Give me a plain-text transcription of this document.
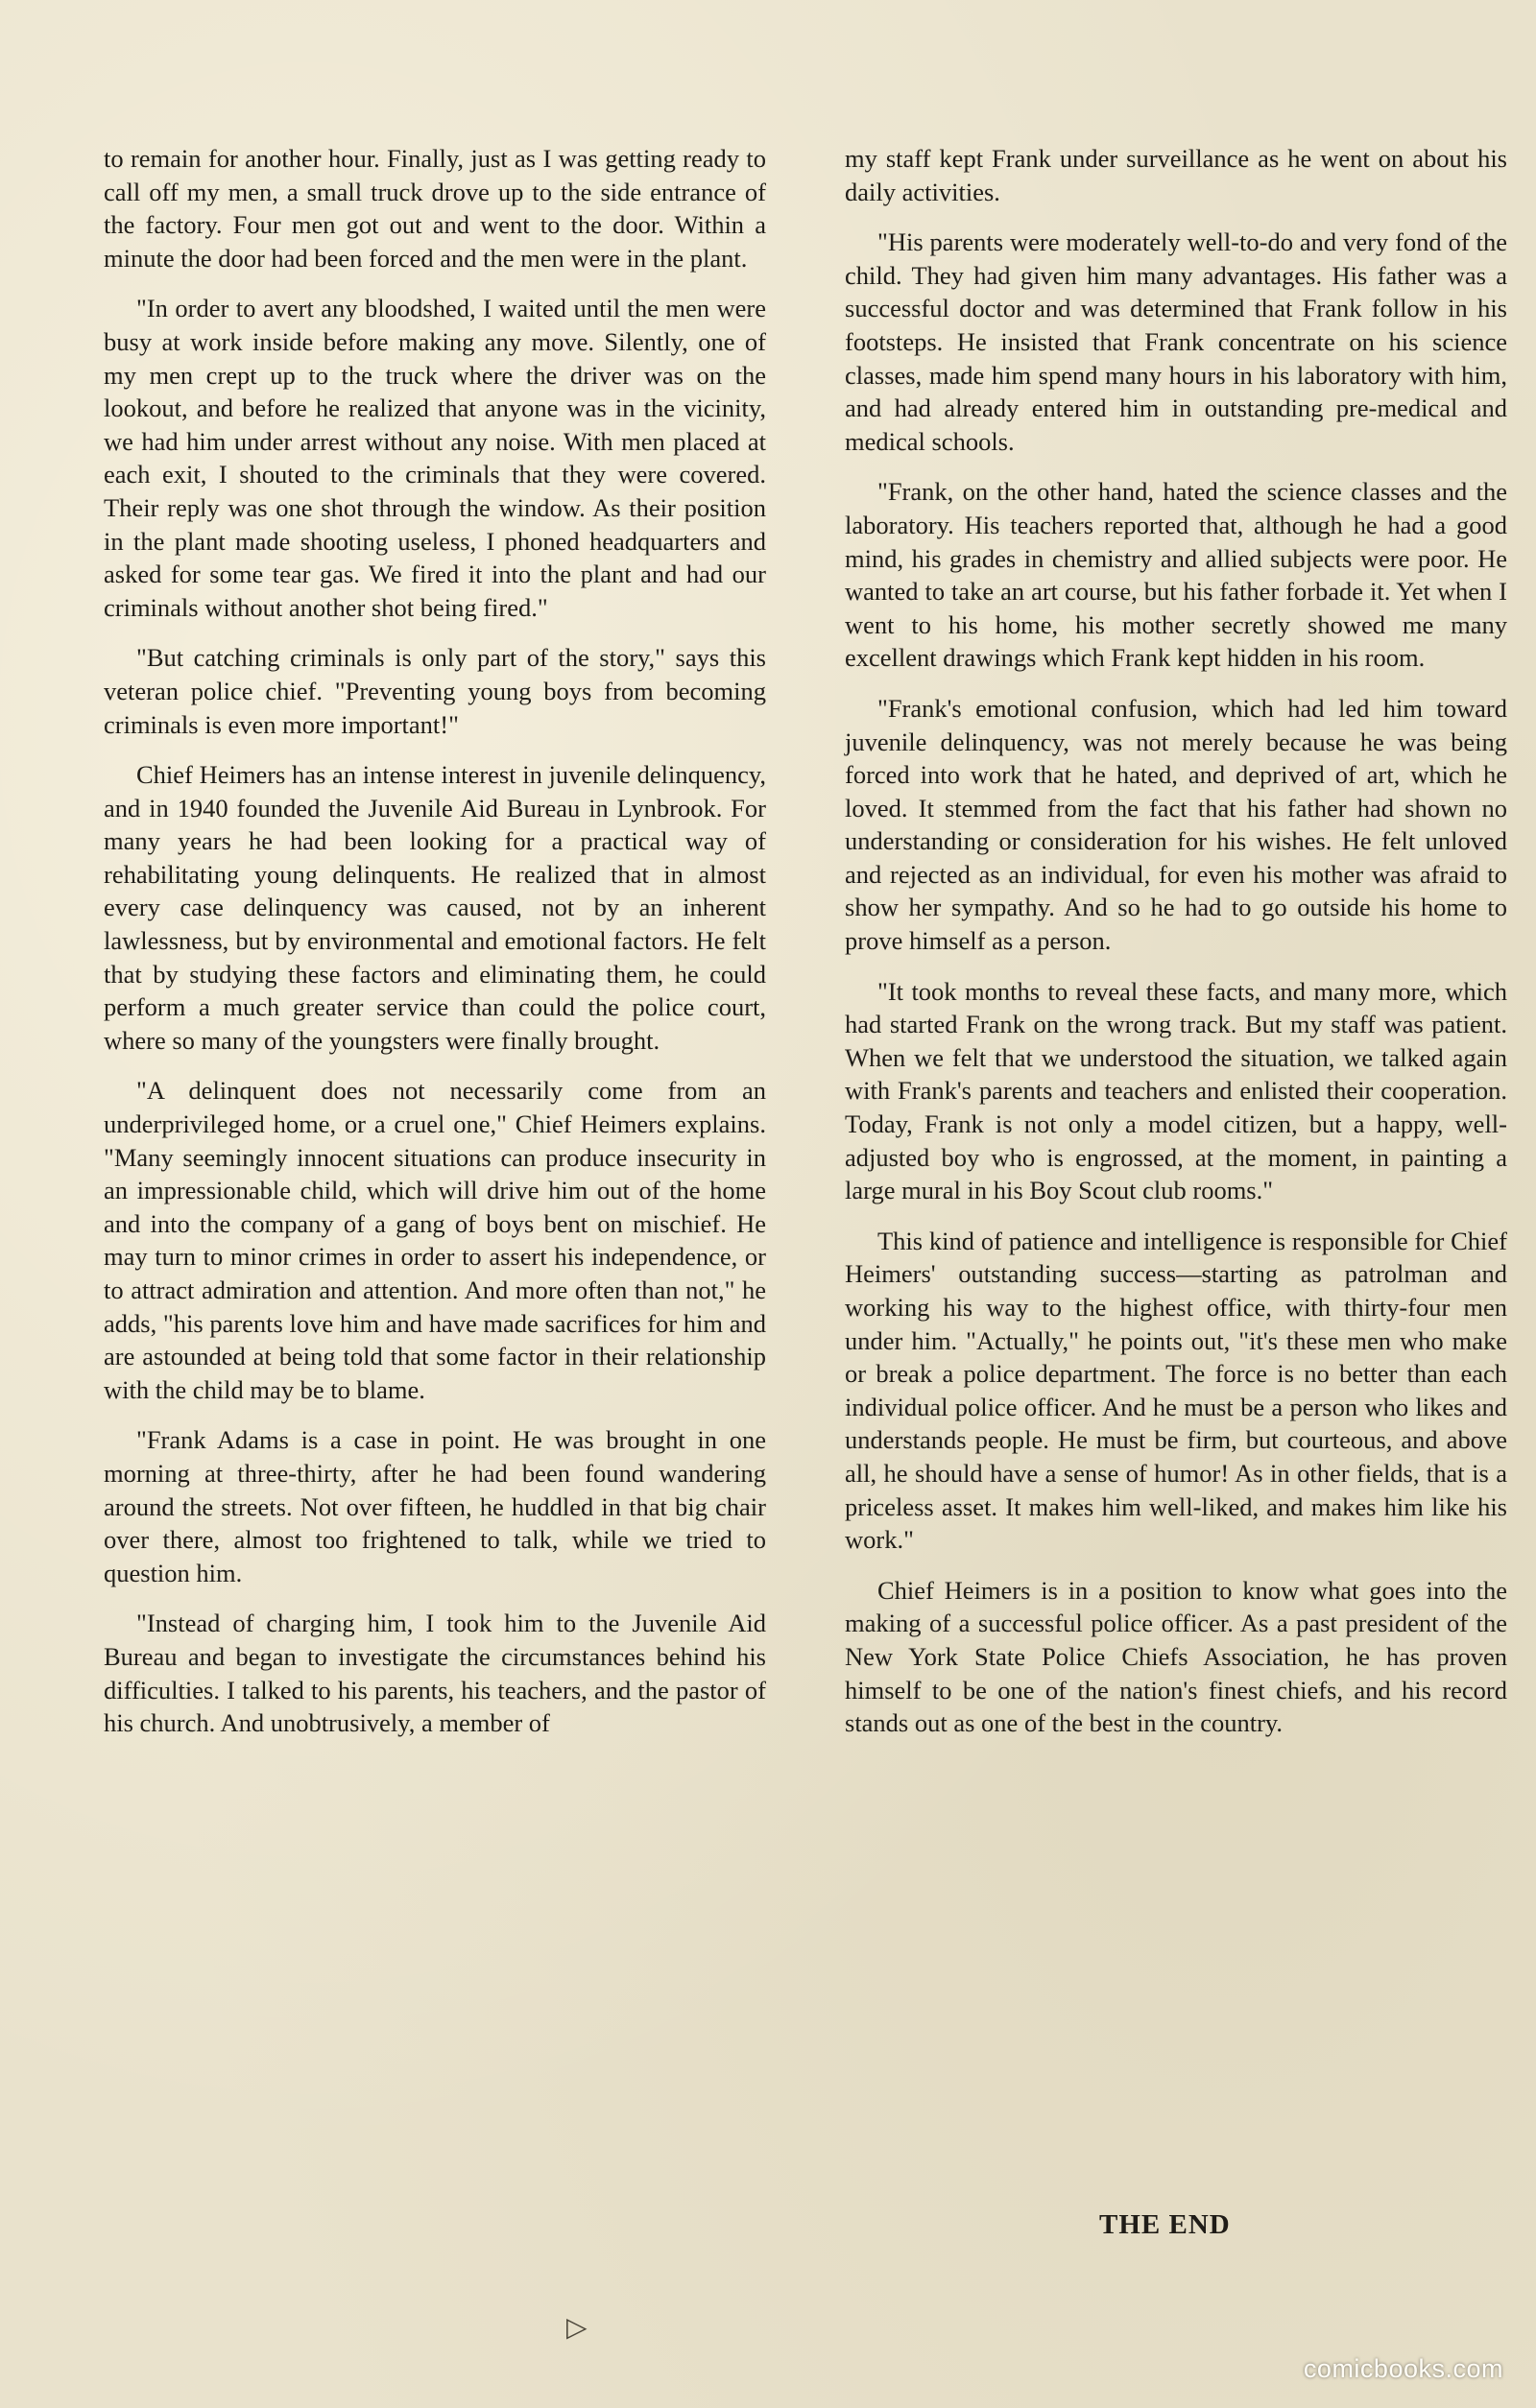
to remain for another hour. Finally, just as I was getting ready to call off my men, a small truck drove up to the side entrance of the factory. Four men got out and went to the door. Within a minute the door had been forced and the men were in the plant.

"In order to avert any bloodshed, I waited until the men were busy at work inside before making any move. Silently, one of my men crept up to the truck where the driver was on the lookout, and before he realized that anyone was in the vicinity, we had him under arrest without any noise. With men placed at each exit, I shouted to the criminals that they were covered. Their reply was one shot through the window. As their position in the plant made shooting useless, I phoned headquarters and asked for some tear gas. We fired it into the plant and had our criminals without another shot being fired."

"But catching criminals is only part of the story," says this veteran police chief. "Preventing young boys from becoming criminals is even more important!"

Chief Heimers has an intense interest in juvenile delinquency, and in 1940 founded the Juvenile Aid Bureau in Lynbrook. For many years he had been looking for a practical way of rehabilitating young delinquents. He realized that in almost every case delinquency was caused, not by an inherent lawlessness, but by environmental and emotional factors. He felt that by studying these factors and eliminating them, he could perform a much greater service than could the police court, where so many of the youngsters were finally brought.

"A delinquent does not necessarily come from an underprivileged home, or a cruel one," Chief Heimers explains. "Many seemingly innocent situations can produce insecurity in an impressionable child, which will drive him out of the home and into the company of a gang of boys bent on mischief. He may turn to minor crimes in order to assert his independence, or to attract admiration and attention. And more often than not," he adds, "his parents love him and have made sacrifices for him and are astounded at being told that some factor in their relationship with the child may be to blame.

"Frank Adams is a case in point. He was brought in one morning at three-thirty, after he had been found wandering around the streets. Not over fifteen, he huddled in that big chair over there, almost too frightened to talk, while we tried to question him.

"Instead of charging him, I took him to the Juvenile Aid Bureau and began to investigate the circumstances behind his difficulties. I talked to his parents, his teachers, and the pastor of his church. And unobtrusively, a member of

my staff kept Frank under surveillance as he went on about his daily activities.

"His parents were moderately well-to-do and very fond of the child. They had given him many advantages. His father was a successful doctor and was determined that Frank follow in his footsteps. He insisted that Frank concentrate on his science classes, made him spend many hours in his laboratory with him, and had already entered him in outstanding pre-medical and medical schools.

"Frank, on the other hand, hated the science classes and the laboratory. His teachers reported that, although he had a good mind, his grades in chemistry and allied subjects were poor. He wanted to take an art course, but his father forbade it. Yet when I went to his home, his mother secretly showed me many excellent drawings which Frank kept hidden in his room.

"Frank's emotional confusion, which had led him toward juvenile delinquency, was not merely because he was being forced into work that he hated, and deprived of art, which he loved. It stemmed from the fact that his father had shown no understanding or consideration for his wishes. He felt unloved and rejected as an individual, for even his mother was afraid to show her sympathy. And so he had to go outside his home to prove himself as a person.

"It took months to reveal these facts, and many more, which had started Frank on the wrong track. But my staff was patient. When we felt that we understood the situation, we talked again with Frank's parents and teachers and enlisted their cooperation. Today, Frank is not only a model citizen, but a happy, well-adjusted boy who is engrossed, at the moment, in painting a large mural in his Boy Scout club rooms."

This kind of patience and intelligence is responsible for Chief Heimers' outstanding success—starting as patrolman and working his way to the highest office, with thirty-four men under him. "Actually," he points out, "it's these men who make or break a police department. The force is no better than each individual police officer. And he must be a person who likes and understands people. He must be firm, but courteous, and above all, he should have a sense of humor! As in other fields, that is a priceless asset. It makes him well-liked, and makes him like his work."

Chief Heimers is in a position to know what goes into the making of a successful police officer. As a past president of the New York State Police Chiefs Association, he has proven himself to be one of the nation's finest chiefs, and his record stands out as one of the best in the country.

THE END
▷
comicbooks.com
